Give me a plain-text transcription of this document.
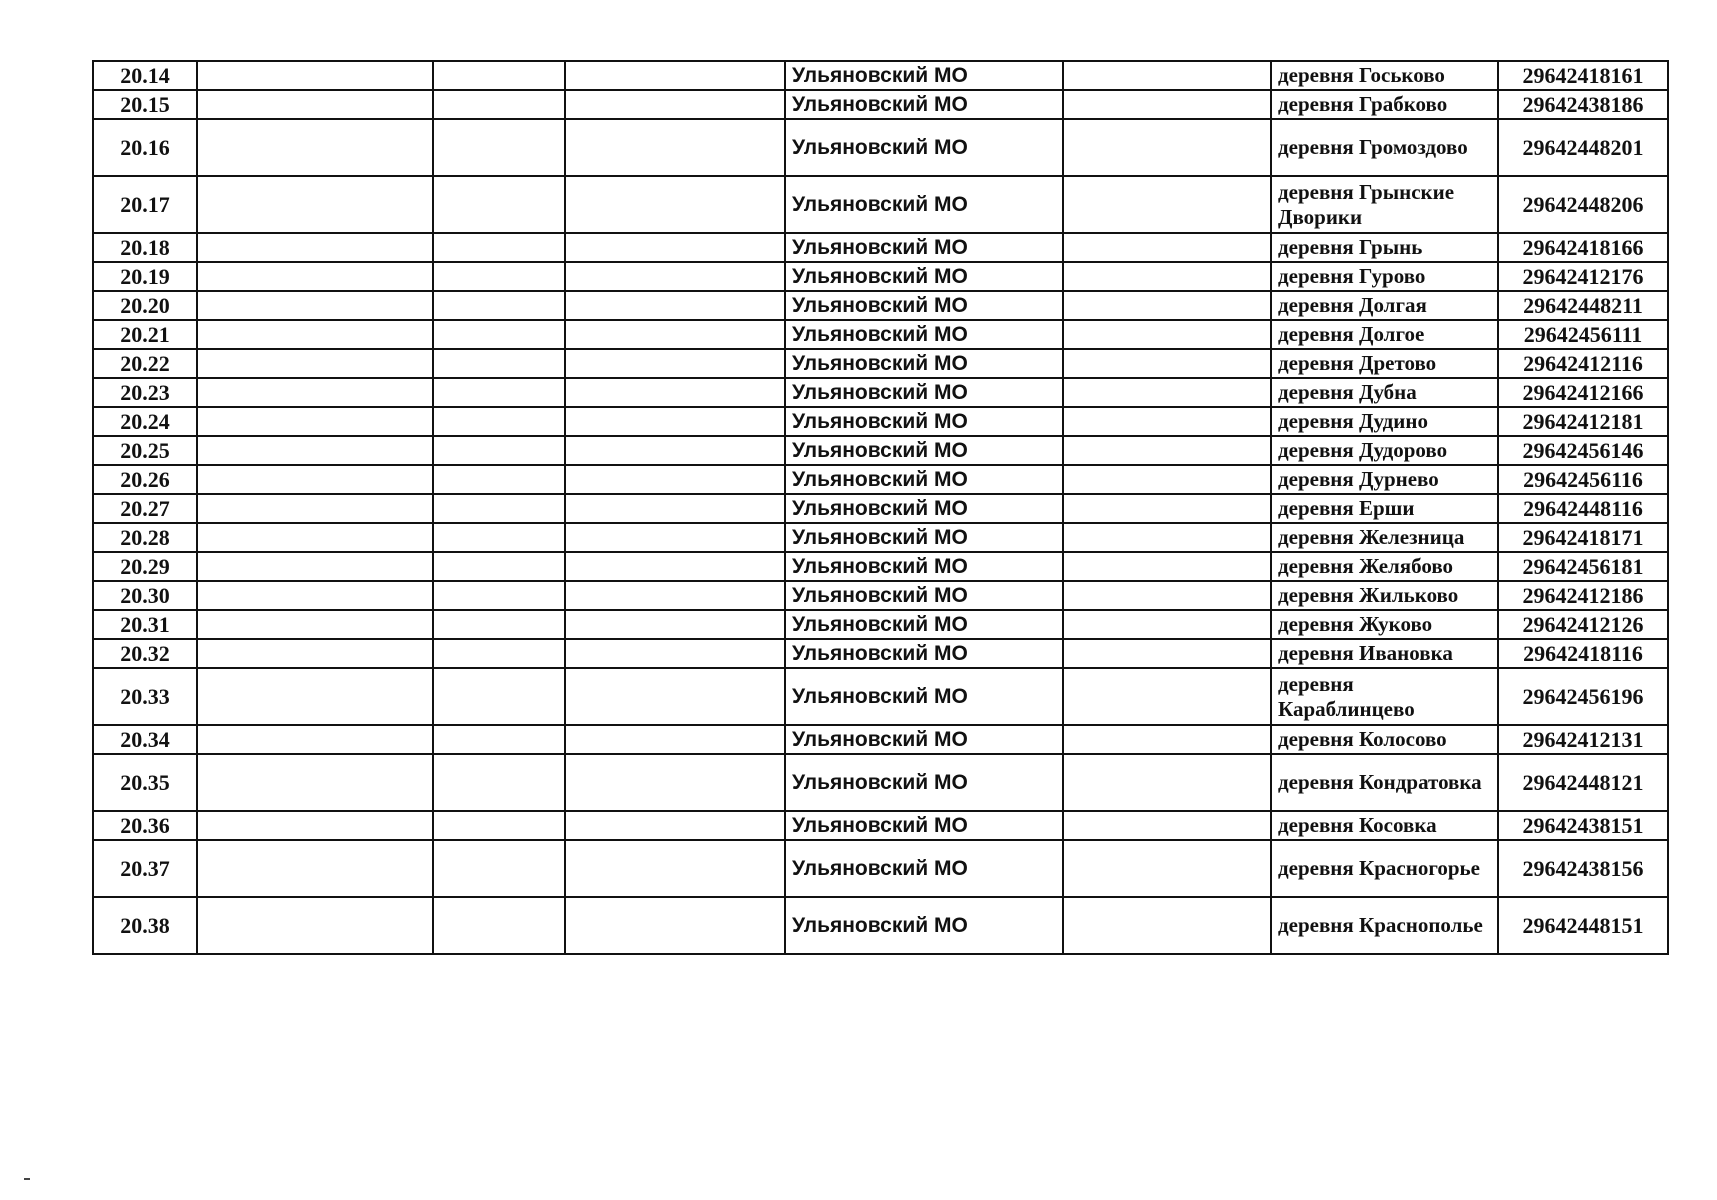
20.14				Ульяновский МО		деревня Госьково	29642418161
20.15				Ульяновский МО		деревня Грабково	29642438186
20.16				Ульяновский МО		деревня Громоздово	29642448201
20.17				Ульяновский МО		деревня Грынские Дворики	29642448206
20.18				Ульяновский МО		деревня Грынь	29642418166
20.19				Ульяновский МО		деревня Гурово	29642412176
20.20				Ульяновский МО		деревня Долгая	29642448211
20.21				Ульяновский МО		деревня Долгое	29642456111
20.22				Ульяновский МО		деревня Дретово	29642412116
20.23				Ульяновский МО		деревня Дубна	29642412166
20.24				Ульяновский МО		деревня Дудино	29642412181
20.25				Ульяновский МО		деревня Дудорово	29642456146
20.26				Ульяновский МО		деревня Дурнево	29642456116
20.27				Ульяновский МО		деревня Ерши	29642448116
20.28				Ульяновский МО		деревня Железница	29642418171
20.29				Ульяновский МО		деревня Желябово	29642456181
20.30				Ульяновский МО		деревня Жильково	29642412186
20.31				Ульяновский МО		деревня Жуково	29642412126
20.32				Ульяновский МО		деревня Ивановка	29642418116
20.33				Ульяновский МО		деревня Караблинцево	29642456196
20.34				Ульяновский МО		деревня Колосово	29642412131
20.35				Ульяновский МО		деревня Кондратовка	29642448121
20.36				Ульяновский МО		деревня Косовка	29642438151
20.37				Ульяновский МО		деревня Красногорье	29642438156
20.38				Ульяновский МО		деревня Краснополье	29642448151
